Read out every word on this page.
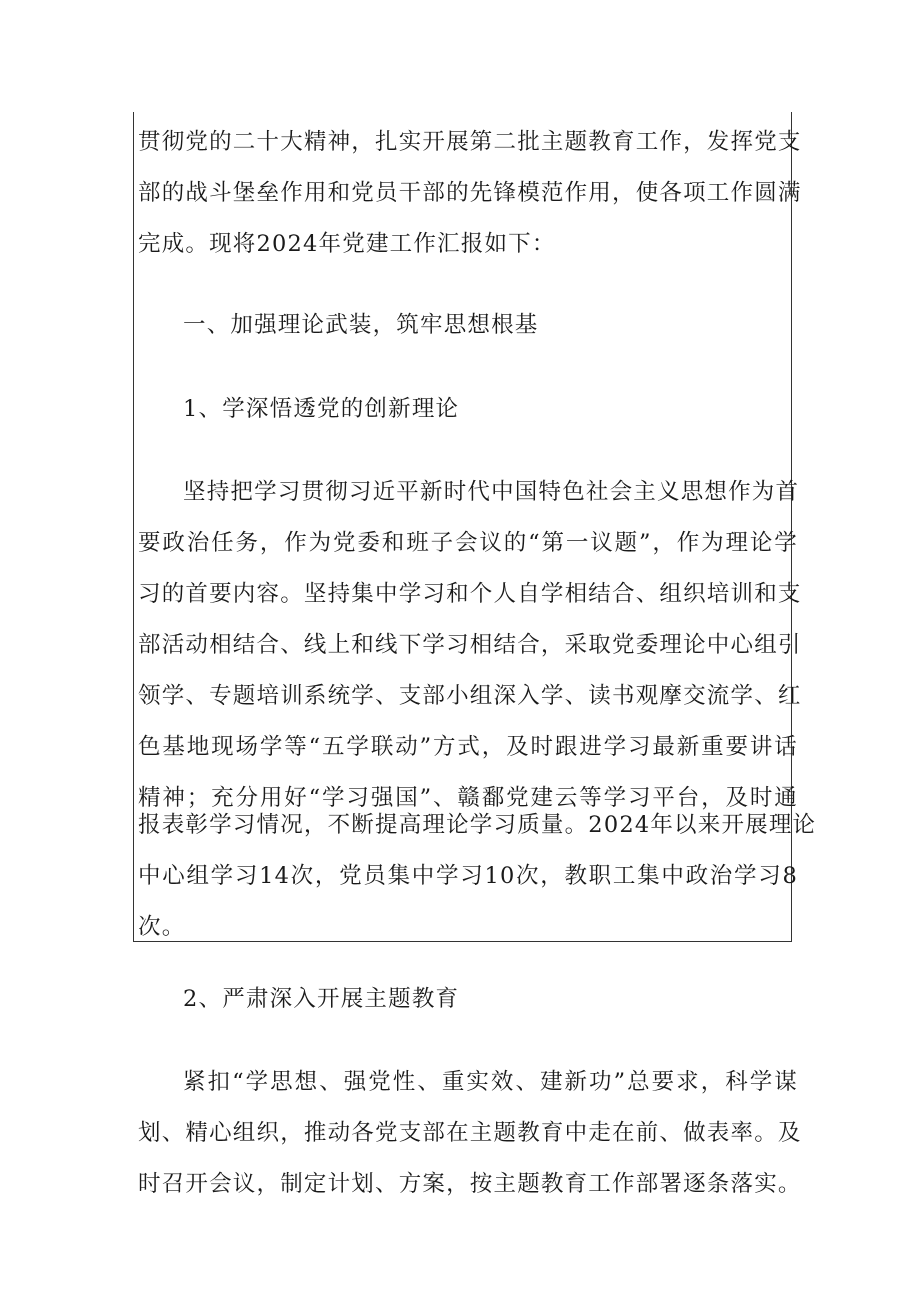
贯彻党的二十大精神，扎实开展第二批主题教育工作，发挥党支
部的战斗堡垒作用和党员干部的先锋模范作用，使各项工作圆满
完成。现将2024年党建工作汇报如下：
一、加强理论武装，筑牢思想根基
1、学深悟透党的创新理论
坚持把学习贯彻习近平新时代中国特色社会主义思想作为首
要政治任务，作为党委和班子会议的“第一议题”，作为理论学
习的首要内容。坚持集中学习和个人自学相结合、组织培训和支
部活动相结合、线上和线下学习相结合，采取党委理论中心组引
领学、专题培训系统学、支部小组深入学、读书观摩交流学、红
色基地现场学等“五学联动”方式，及时跟进学习最新重要讲话
精神；充分用好“学习强国”、赣鄱党建云等学习平台，及时通
报表彰学习情况，不断提高理论学习质量。2024年以来开展理论
中心组学习14次，党员集中学习10次，教职工集中政治学习8
次。
2、严肃深入开展主题教育
紧扣“学思想、强党性、重实效、建新功”总要求，科学谋
划、精心组织，推动各党支部在主题教育中走在前、做表率。及
时召开会议，制定计划、方案，按主题教育工作部署逐条落实。
